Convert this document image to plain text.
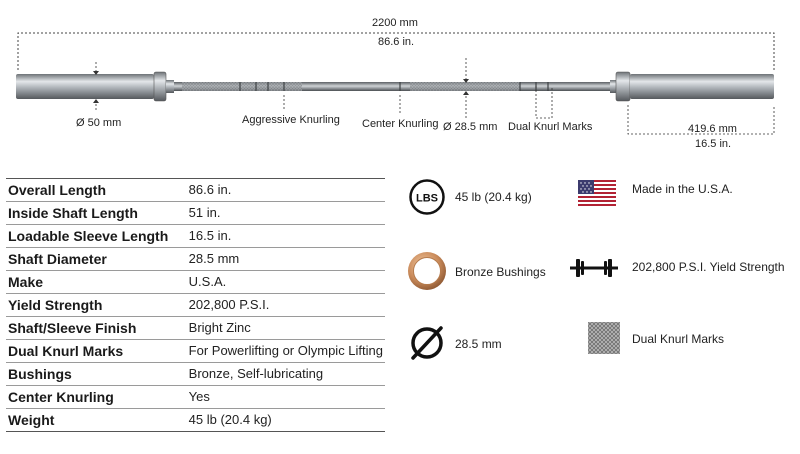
2200 mm
86.6 in.
Ø 50 mm	Aggressive Knurling Center Knurling Ø 28.5 mm Dual Knurl Marks	419.6 mm
16.5 in.
Overall Length	86.6 in.
Inside Shaft Length	51 in.
Loadable Sleeve Length	16.5 in.
Shaft Diameter	28.5 mm
Make	U.S.A.
Yield Strength	202,800 P.S.I.
Shaft/Sleeve Finish	Bright Zinc
Dual Knurl Marks	For Powerlifting or Olympic Lifting
Bushings	Bronze, Self-lubricating
Center Knurling	Yes
Weight	45 lb (20.4 kg)
LBS 45 lb (20.4 kg)
Made in the U.S.A.
Bronze Bushings	202,800 P.S.I. Yield Strength
28.5 mm	Dual Knurl Marks
